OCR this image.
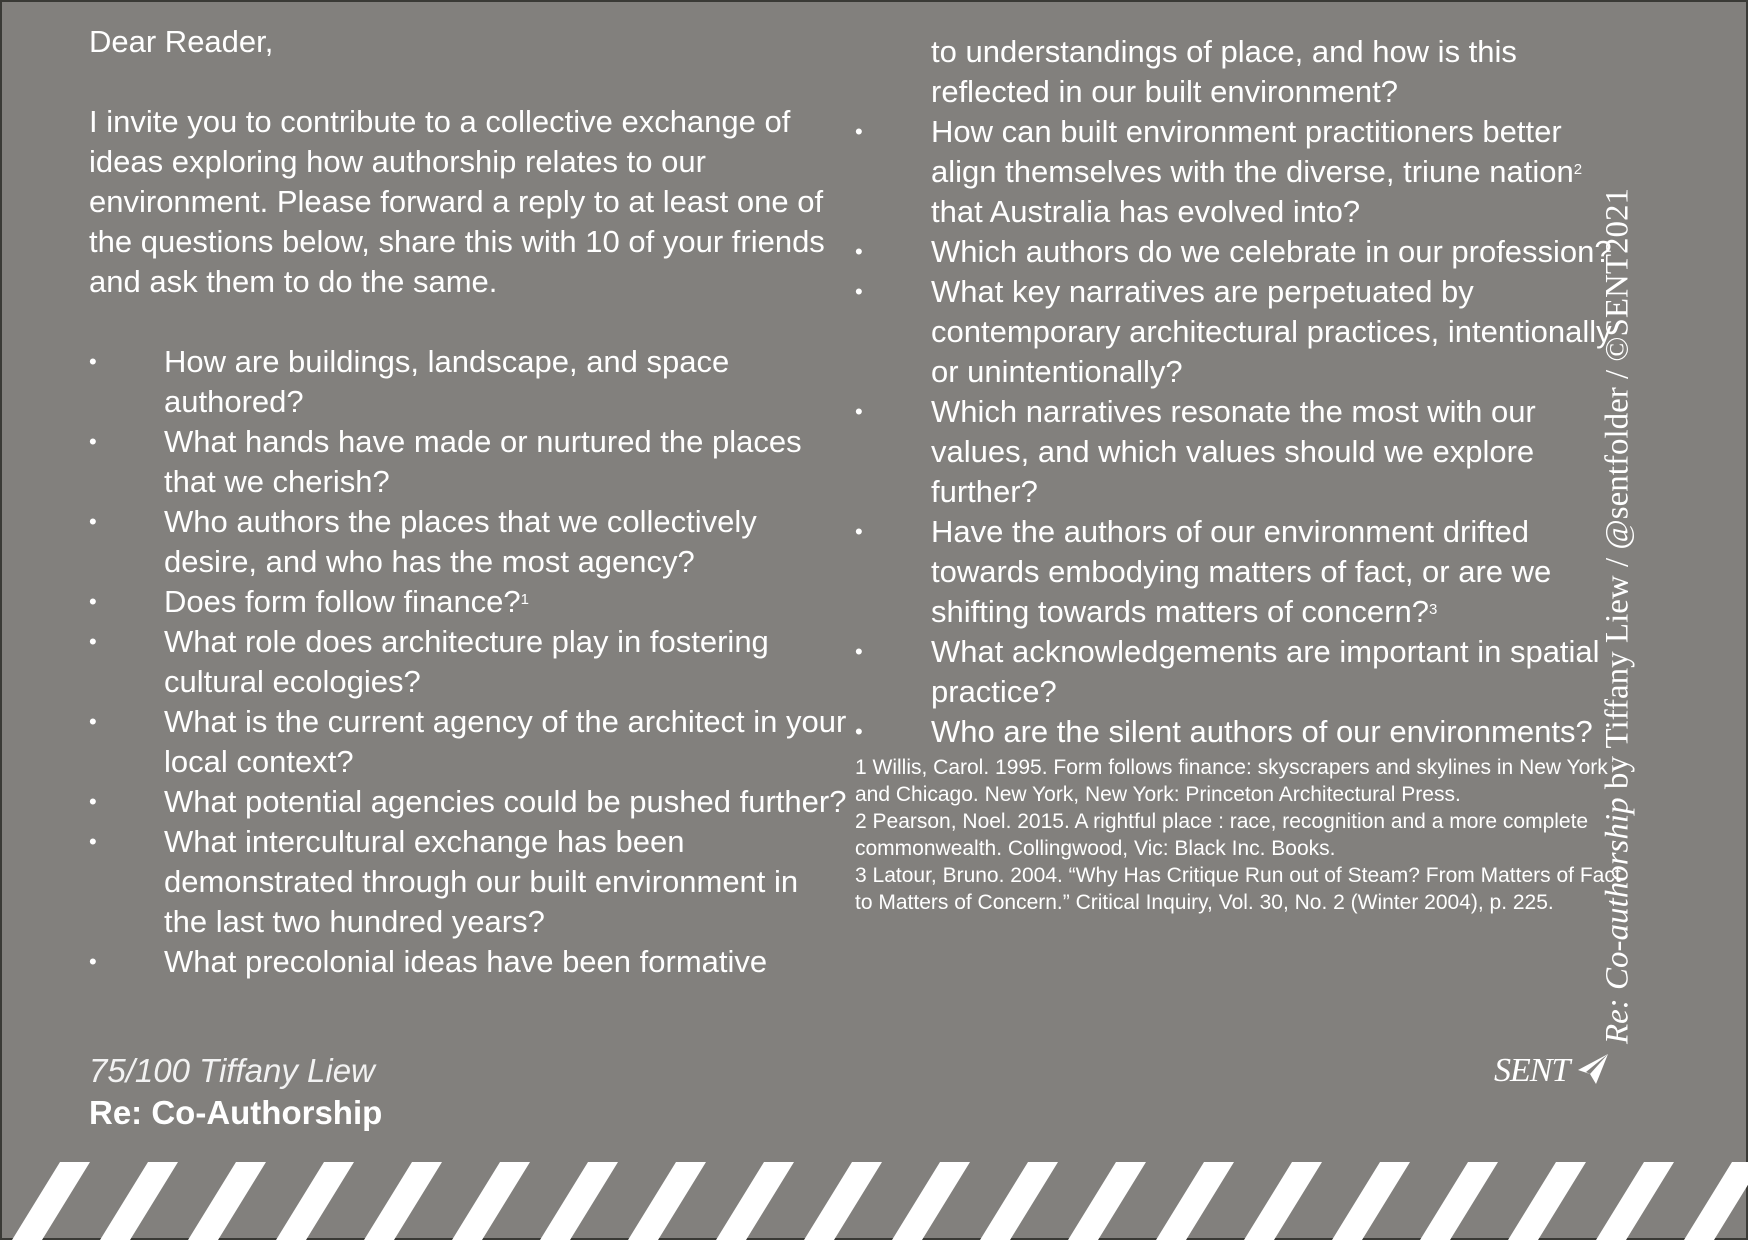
Dear Reader,

I invite you to contribute to a collective exchange of ideas exploring how authorship relates to our environment. Please forward a reply to at least one of the questions below, share this with 10 of your friends and ask them to do the same.

•	How are buildings, landscape, and space authored?
•	What hands have made or nurtured the places that we cherish?
•	Who authors the places that we collectively desire, and who has the most agency?
•	Does form follow finance?$^1$
•	What role does architecture play in fostering cultural ecologies?
•	What is the current agency of the architect in your local context?
•	What potential agencies could be pushed further?
•	What intercultural exchange has been demonstrated through our built environment in the last two hundred years?
•	What precolonial ideas have been formative
to understandings of place, and how is this reflected in our built environment?
•	How can built environment practitioners better align themselves with the diverse, triune nation$^2$ that Australia has evolved into?
•	Which authors do we celebrate in our profession?
•	What key narratives are perpetuated by contemporary architectural practices, intentionally or unintentionally?
•	Which narratives resonate the most with our values, and which values should we explore further?
•	Have the authors of our environment drifted towards embodying matters of fact, or are we shifting towards matters of concern?$^3$
•	What acknowledgements are important in spatial practice?
•	Who are the silent authors of our environments?

1 Willis, Carol. 1995. Form follows finance: skyscrapers and skylines in New York and Chicago. New York, New York: Princeton Architectural Press.

2 Pearson, Noel. 2015. A rightful place : race, recognition and a more complete commonwealth. Collingwood, Vic: Black Inc. Books.

3 Latour, Bruno. 2004. “Why Has Critique Run out of Steam? From Matters of Fact to Matters of Concern.” Critical Inquiry, Vol. 30, No. 2 (Winter 2004), p. 225.

75/100 Tiffany Liew
Re: Co-Authorship
Re: Co-authorship by Tiffany Liew / @sentfolder / ©SENT2021
SENT
